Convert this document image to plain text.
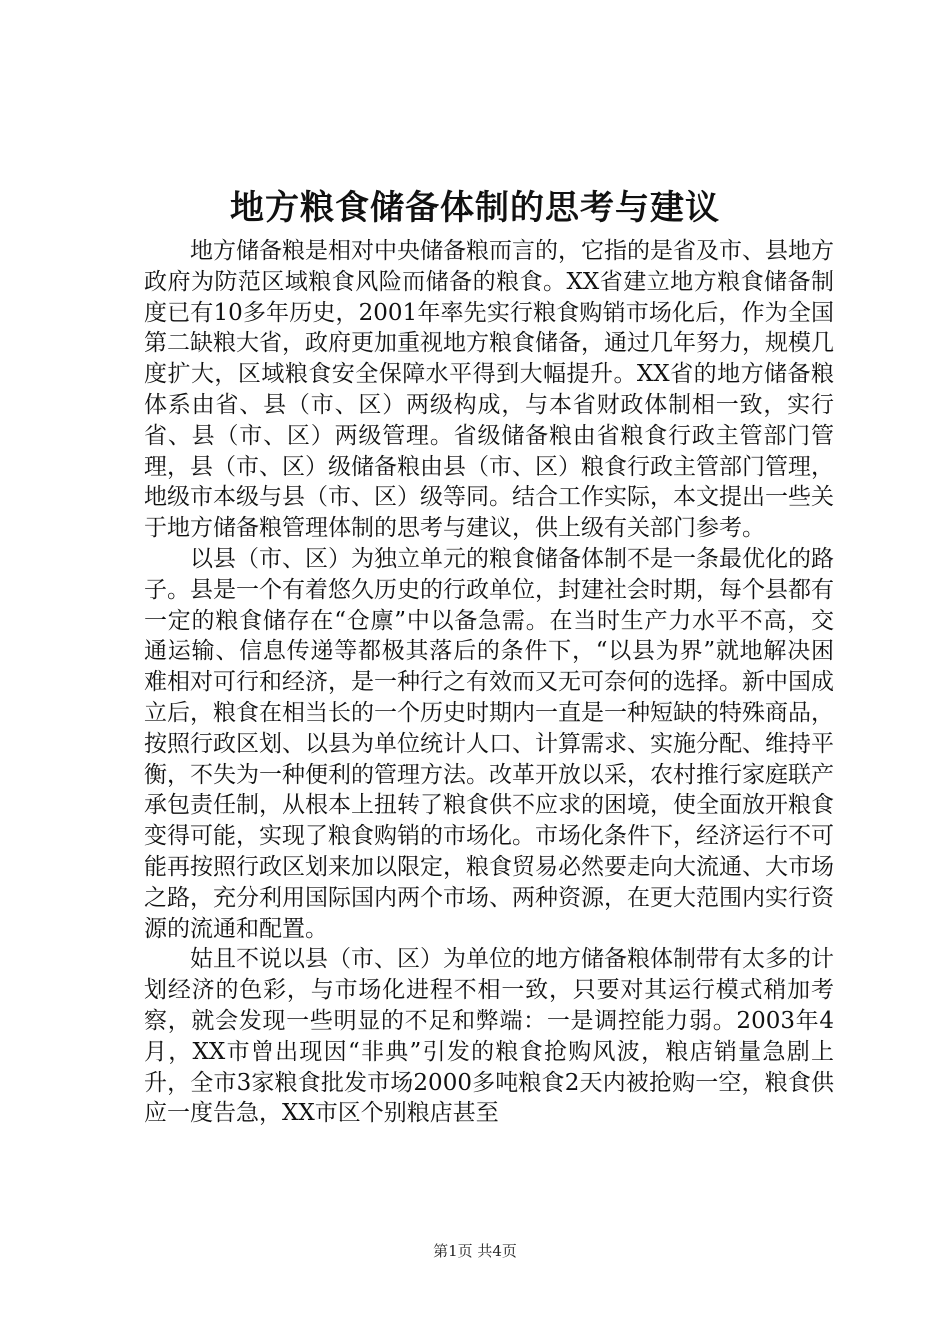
地方粮食储备体制的思考与建议

地方储备粮是相对中央储备粮而言的，它指的是省及市、县地方政府为防范区域粮食风险而储备的粮食。XX省建立地方粮食储备制度已有10多年历史，2001年率先实行粮食购销市场化后，作为全国第二缺粮大省，政府更加重视地方粮食储备，通过几年努力，规模几度扩大，区域粮食安全保障水平得到大幅提升。XX省的地方储备粮体系由省、县（市、区）两级构成，与本省财政体制相一致，实行省、县（市、区）两级管理。省级储备粮由省粮食行政主管部门管理，县（市、区）级储备粮由县（市、区）粮食行政主管部门管理，地级市本级与县（市、区）级等同。结合工作实际，本文提出一些关于地方储备粮管理体制的思考与建议，供上级有关部门参考。

以县（市、区）为独立单元的粮食储备体制不是一条最优化的路子。县是一个有着悠久历史的行政单位，封建社会时期，每个县都有一定的粮食储存在“仓廪”中以备急需。在当时生产力水平不高，交通运输、信息传递等都极其落后的条件下，“以县为界”就地解决困难相对可行和经济，是一种行之有效而又无可奈何的选择。新中国成立后，粮食在相当长的一个历史时期内一直是一种短缺的特殊商品，按照行政区划、以县为单位统计人口、计算需求、实施分配、维持平衡，不失为一种便利的管理方法。改革开放以采，农村推行家庭联产承包责任制，从根本上扭转了粮食供不应求的困境，使全面放开粮食变得可能，实现了粮食购销的市场化。市场化条件下，经济运行不可能再按照行政区划来加以限定，粮食贸易必然要走向大流通、大市场之路，充分利用国际国内两个市场、两种资源，在更大范围内实行资源的流通和配置。

姑且不说以县（市、区）为单位的地方储备粮体制带有太多的计划经济的色彩，与市场化进程不相一致，只要对其运行模式稍加考察，就会发现一些明显的不足和弊端：一是调控能力弱。2003年4月，XX市曾出现因“非典”引发的粮食抢购风波，粮店销量急剧上升，全市3家粮食批发市场2000多吨粮食2天内被抢购一空，粮食供应一度告急，XX市区个别粮店甚至

第1页 共4页
